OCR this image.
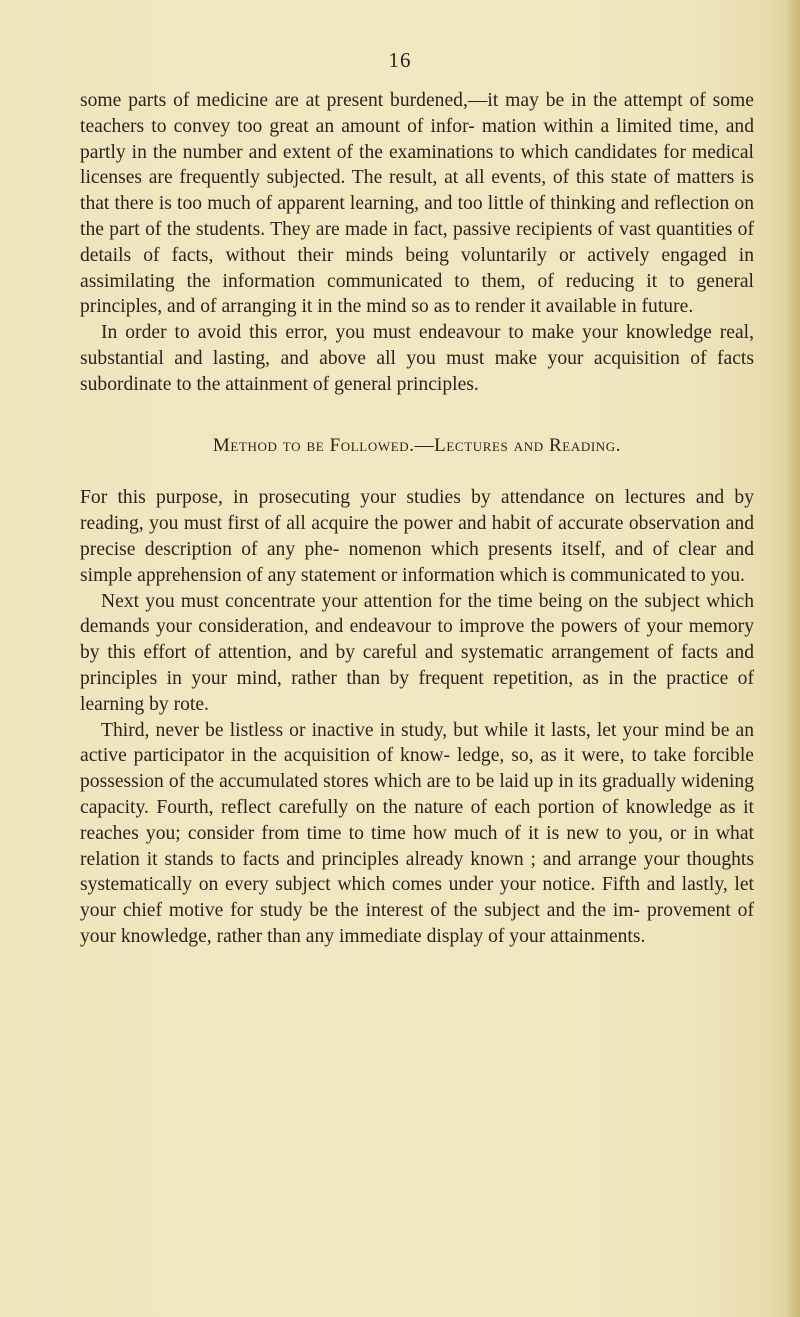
16

some parts of medicine are at present burdened,—it may be in the attempt of some teachers to convey too great an amount of infor- mation within a limited time, and partly in the number and extent of the examinations to which candidates for medical licenses are frequently subjected. The result, at all events, of this state of matters is that there is too much of apparent learning, and too little of thinking and reflection on the part of the students. They are made in fact, passive recipients of vast quantities of details of facts, without their minds being voluntarily or actively engaged in assimilating the information communicated to them, of reducing it to general principles, and of arranging it in the mind so as to render it available in future.

In order to avoid this error, you must endeavour to make your knowledge real, substantial and lasting, and above all you must make your acquisition of facts subordinate to the attainment of general principles.

Method to be Followed.—Lectures and Reading.

For this purpose, in prosecuting your studies by attendance on lectures and by reading, you must first of all acquire the power and habit of accurate observation and precise description of any phe- nomenon which presents itself, and of clear and simple apprehension of any statement or information which is communicated to you.

Next you must concentrate your attention for the time being on the subject which demands your consideration, and endeavour to improve the powers of your memory by this effort of attention, and by careful and systematic arrangement of facts and principles in your mind, rather than by frequent repetition, as in the practice of learning by rote.

Third, never be listless or inactive in study, but while it lasts, let your mind be an active participator in the acquisition of know- ledge, so, as it were, to take forcible possession of the accumulated stores which are to be laid up in its gradually widening capacity. Fourth, reflect carefully on the nature of each portion of knowledge as it reaches you; consider from time to time how much of it is new to you, or in what relation it stands to facts and principles already known ; and arrange your thoughts systematically on every subject which comes under your notice. Fifth and lastly, let your chief motive for study be the interest of the subject and the im- provement of your knowledge, rather than any immediate display of your attainments.
